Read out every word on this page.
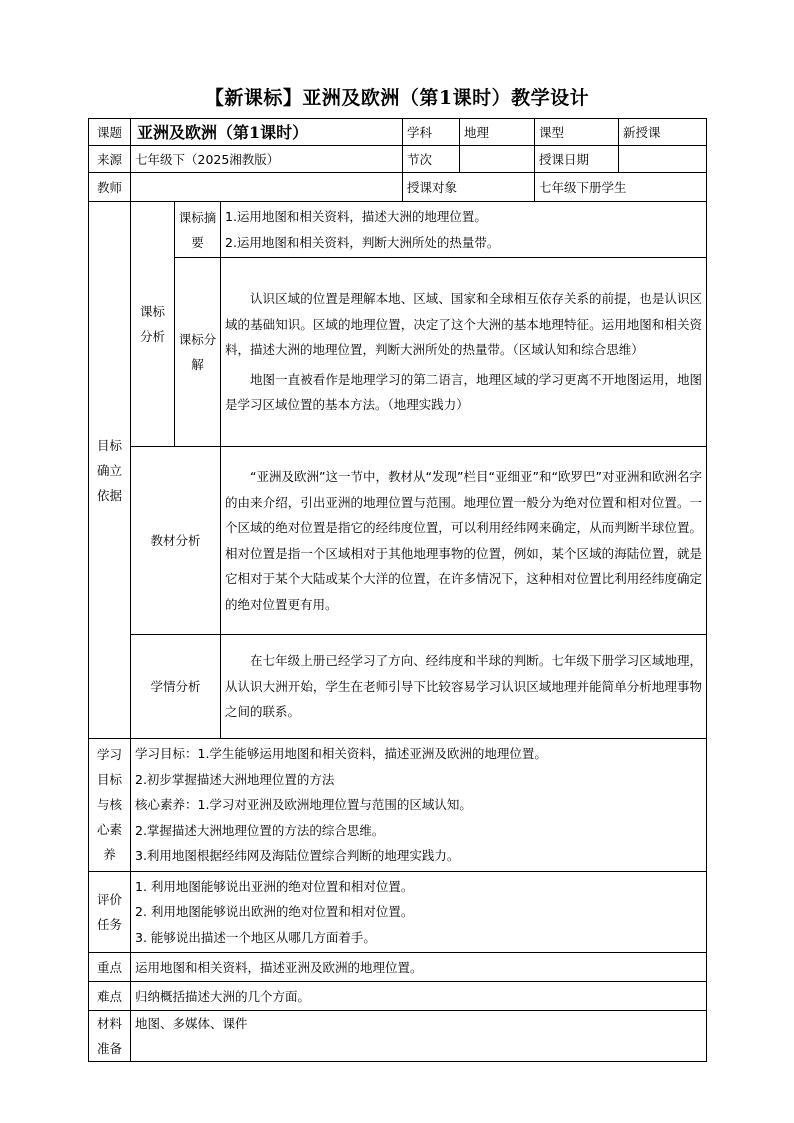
【新课标】亚洲及欧洲（第1课时）教学设计
课题	亚洲及欧洲（第1课时）			学科	地理	课型	新授课
来源	七年级下（2025湘教版）			节次		授课日期	
教师				授课对象		七年级下册学生	
目标确立依据	课标分析	课标摘要	1.运用地图和相关资料，描述大洲的地理位置。
2.运用地图和相关资料，判断大洲所处的热量带。				

		课标分解	认识区域的位置是理解本地、区域、国家和全球相互依存关系的前提，也是认识区域的基础知识。区域的地理位置，决定了这个大洲的基本地理特征。运用地图和相关资料，描述大洲的地理位置，判断大洲所处的热量带。（区域认知和综合思维）
地图一直被看作是地理学习的第二语言，地理区域的学习更离不开地图运用，地图是学习区域位置的基本方法。（地理实践力）				

	教材分析		“亚洲及欧洲”这一节中，教材从“发现”栏目“亚细亚”和“欧罗巴”对亚洲和欧洲名字的由来介绍，引出亚洲的地理位置与范围。地理位置一般分为绝对位置和相对位置。一个区域的绝对位置是指它的经纬度位置，可以利用经纬网来确定，从而判断半球位置。相对位置是指一个区域相对于其他地理事物的位置，例如，某个区域的海陆位置，就是它相对于某个大陆或某个大洋的位置，在许多情况下，这种相对位置比利用经纬度确定的绝对位置更有用。				
	学情分析		在七年级上册已经学习了方向、经纬度和半球的判断。七年级下册学习区域地理，从认识大洲开始，学生在老师引导下比较容易学习认识区域地理并能简单分析地理事物之间的联系。				
学习目标与核心素养	学习目标：1.学生能够运用地图和相关资料，描述亚洲及欧洲的地理位置。
2.初步掌握描述大洲地理位置的方法
核心素养：1.学习对亚洲及欧洲地理位置与范围的区域认知。
2.掌握描述大洲地理位置的方法的综合思维。
3.利用地图根据经纬网及海陆位置综合判断的地理实践力。						

评价任务	1. 利用地图能够说出亚洲的绝对位置和相对位置。
2. 利用地图能够说出欧洲的绝对位置和相对位置。
3. 能够说出描述一个地区从哪几方面着手。						

重点	运用地图和相关资料，描述亚洲及欧洲的地理位置。						
难点	归纳概括描述大洲的几个方面。						
材料准备	地图、多媒体、课件						
